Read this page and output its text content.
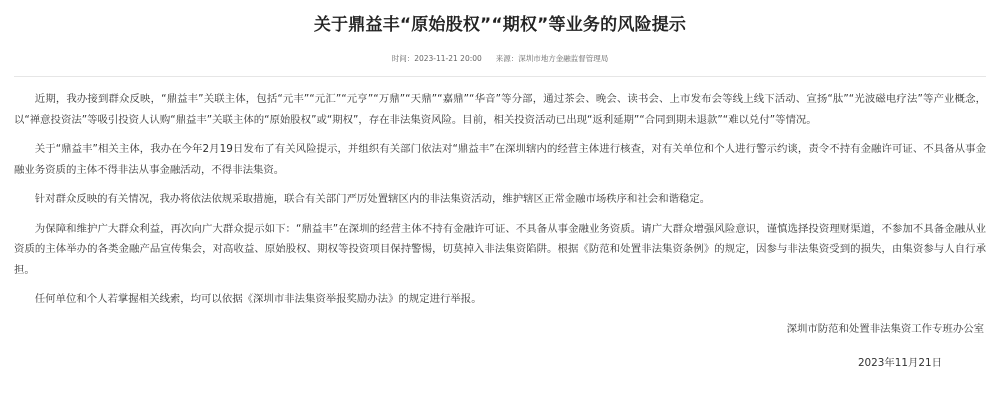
关于鼎益丰“原始股权”“期权”等业务的风险提示
时间：2023-11-21 20:00 来源：深圳市地方金融监督管理局

近期，我办接到群众反映，“鼎益丰”关联主体，包括“元丰”“元汇”“元亨”“万鼎”“天鼎”“嘉鼎”“华音”等分部，通过茶会、晚会、读书会、上市发布会等线上线下活动、宣扬“肽”“光波磁电疗法”等产业概念，以“禅意投资法”等吸引投资人认购“鼎益丰”关联主体的“原始股权”或“期权”，存在非法集资风险。目前，相关投资活动已出现“返利延期”“合同到期未退款”“难以兑付”等情况。

关于“鼎益丰”相关主体，我办在今年2月19日发布了有关风险提示，并组织有关部门依法对“鼎益丰”在深圳辖内的经营主体进行核查，对有关单位和个人进行警示约谈，责令不持有金融许可证、不具备从事金融业务资质的主体不得非法从事金融活动，不得非法集资。

针对群众反映的有关情况，我办将依法依规采取措施，联合有关部门严厉处置辖区内的非法集资活动，维护辖区正常金融市场秩序和社会和谐稳定。

为保障和维护广大群众利益，再次向广大群众提示如下：“鼎益丰”在深圳的经营主体不持有金融许可证、不具备从事金融业务资质。请广大群众增强风险意识，谨慎选择投资理财渠道，不参加不具备金融从业资质的主体举办的各类金融产品宣传集会，对高收益、原始股权、期权等投资项目保持警惕，切莫掉入非法集资陷阱。根据《防范和处置非法集资条例》的规定，因参与非法集资受到的损失，由集资参与人自行承担。

任何单位和个人若掌握相关线索，均可以依据《深圳市非法集资举报奖励办法》的规定进行举报。

深圳市防范和处置非法集资工作专班办公室

2023年11月21日
